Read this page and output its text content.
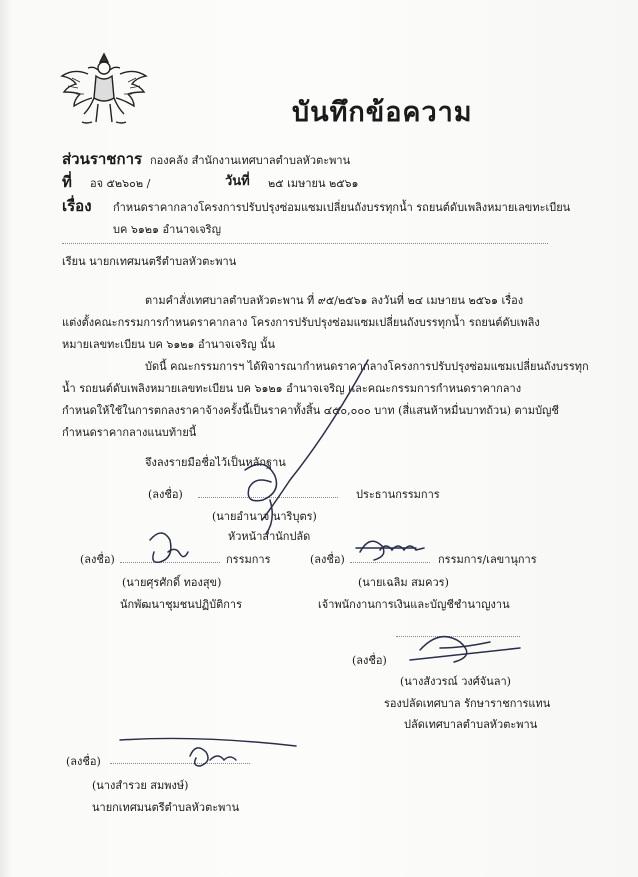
บันทึกข้อความ
ส่วนราชการ กองคลัง สำนักงานเทศบาลตำบลหัวตะพาน
ที่ อจ ๕๒๖๐๒ /	วันที่ ๒๕ เมษายน ๒๕๖๑
เรื่อง กำหนดราคากลางโครงการปรับปรุงซ่อมแซมเปลี่ยนถังบรรทุกน้ำ รถยนต์ดับเพลิงหมายเลขทะเบียน
บค ๖๑๒๑ อำนาจเจริญ
เรียน นายกเทศมนตรีตำบลหัวตะพาน
ตามคำสั่งเทศบาลตำบลหัวตะพาน ที่ ๙๕/๒๕๖๑ ลงวันที่ ๒๔ เมษายน ๒๕๖๑ เรื่อง
แต่งตั้งคณะกรรมการกำหนดราคากลาง โครงการปรับปรุงซ่อมแซมเปลี่ยนถังบรรทุกน้ำ รถยนต์ดับเพลิง
หมายเลขทะเบียน บค ๖๑๒๑ อำนาจเจริญ นั้น
บัดนี้ คณะกรรมการฯ ได้พิจารณากำหนดราคากลางโครงการปรับปรุงซ่อมแซมเปลี่ยนถังบรรทุก
น้ำ รถยนต์ดับเพลิงหมายเลขทะเบียน บค ๖๑๒๑ อำนาจเจริญ และคณะกรรมการกำหนดราคากลาง
กำหนดให้ใช้ในการตกลงราคาจ้างครั้งนี้เป็นราคาทั้งสิ้น ๔๕๐,๐๐๐ บาท (สี่แสนห้าหมื่นบาทถ้วน) ตามบัญชี
กำหนดราคากลางแนบท้ายนี้
จึงลงรายมือชื่อไว้เป็นหลักฐาน
(ลงชื่อ)	ประธานกรรมการ
(นายอำนาจ นาริบุตร)
หัวหน้าสำนักปลัด
(ลงชื่อ)	กรรมการ
(นายศุรศักดิ์ ทองสุข)
นักพัฒนาชุมชนปฏิบัติการ
(ลงชื่อ)	กรรมการ/เลขานุการ
(นายเฉลิม สมควร)
เจ้าพนักงานการเงินและบัญชีชำนาญงาน
(ลงชื่อ)
(นางสังวรณ์ วงศ์จันลา)
รองปลัดเทศบาล รักษาราชการแทน
ปลัดเทศบาลตำบลหัวตะพาน
(ลงชื่อ)
(นางสำรวย สมพงษ์)
นายกเทศมนตรีตำบลหัวตะพาน
